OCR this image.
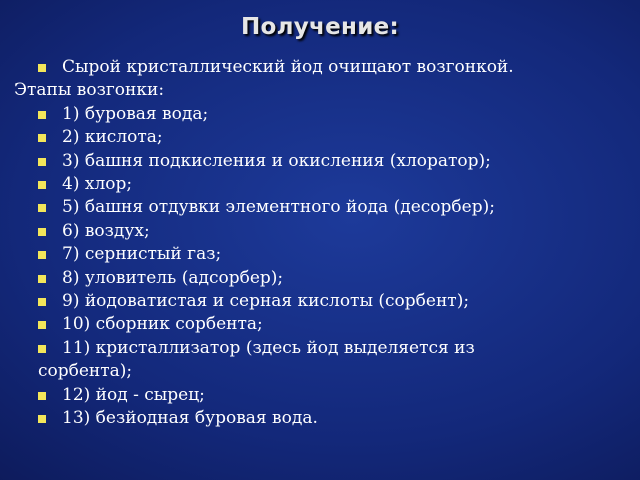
Получение:
Сырой кристаллический йод очищают возгонкой.
Этапы возгонки:
1) буровая вода;
2) кислота;
3) башня подкисления и окисления (хлоратор);
4) хлор;
5) башня отдувки элементного йода (десорбер);
6) воздух;
7) сернистый газ;
8) уловитель (адсорбер);
9) йодоватистая и серная кислоты (сорбент);
10) сборник сорбента;
11) кристаллизатор (здесь йод выделяется из
сорбента);
12) йод - сырец;
13) безйодная буровая вода.
